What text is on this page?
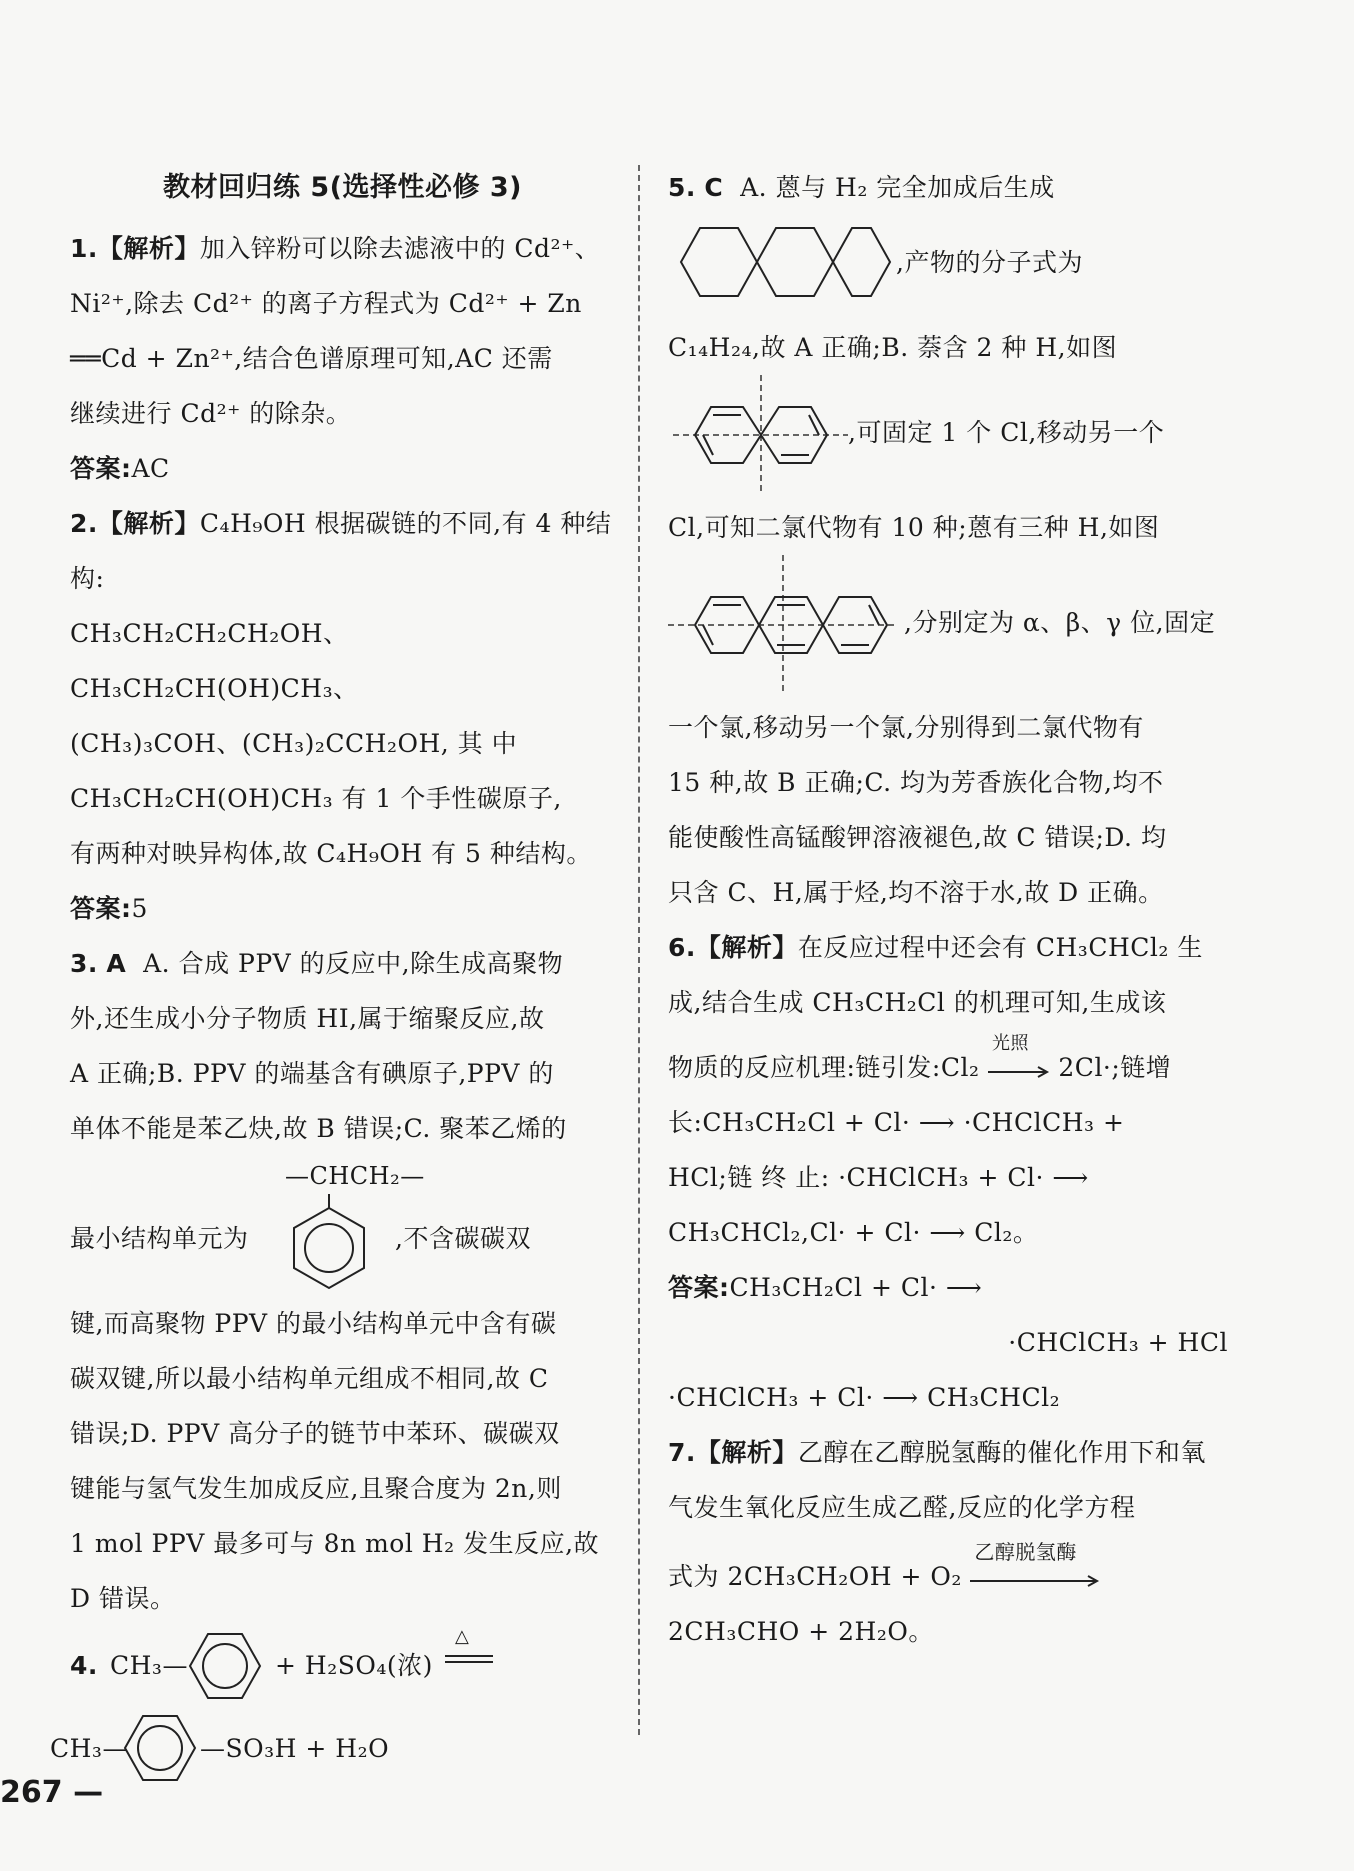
教材回归练 5(选择性必修 3)

1.【解析】加入锌粉可以除去滤液中的 Cd²⁺、

Ni²⁺,除去 Cd²⁺ 的离子方程式为 Cd²⁺ + Zn

══Cd + Zn²⁺,结合色谱原理可知,AC 还需

继续进行 Cd²⁺ 的除杂。

答案:AC

2.【解析】C₄H₉OH 根据碳链的不同,有 4 种结构:

CH₃CH₂CH₂CH₂OH、CH₃CH₂CH(OH)CH₃、

(CH₃)₃COH、(CH₃)₂CCH₂OH, 其 中

CH₃CH₂CH(OH)CH₃ 有 1 个手性碳原子,

有两种对映异构体,故 C₄H₉OH 有 5 种结构。

答案:5

3. A A. 合成 PPV 的反应中,除生成高聚物

外,还生成小分子物质 HI,属于缩聚反应,故

A 正确;B. PPV 的端基含有碘原子,PPV 的

单体不能是苯乙炔,故 B 错误;C. 聚苯乙烯的

—CHCH₂—
最小结构单元为	,不含碳碳双

键,而高聚物 PPV 的最小结构单元中含有碳

碳双键,所以最小结构单元组成不相同,故 C

错误;D. PPV 高分子的链节中苯环、碳碳双

键能与氢气发生加成反应,且聚合度为 2n,则

1 mol PPV 最多可与 8n mol H₂ 发生反应,故

D 错误。

4. CH₃—	+ H₂SO₄(浓)
△
CH₃—	—SO₃H + H₂O

5. C A. 蒽与 H₂ 完全加成后生成

,产物的分子式为

C₁₄H₂₄,故 A 正确;B. 萘含 2 种 H,如图

,可固定 1 个 Cl,移动另一个

Cl,可知二氯代物有 10 种;蒽有三种 H,如图

,分别定为 α、β、γ 位,固定

一个氯,移动另一个氯,分别得到二氯代物有

15 种,故 B 正确;C. 均为芳香族化合物,均不

能使酸性高锰酸钾溶液褪色,故 C 错误;D. 均

只含 C、H,属于烃,均不溶于水,故 D 正确。

6.【解析】在反应过程中还会有 CH₃CHCl₂ 生

成,结合生成 CH₃CH₂Cl 的机理可知,生成该

物质的反应机理:链引发:Cl₂
光照
2Cl·;链增

长:CH₃CH₂Cl + Cl· ⟶ ·CHClCH₃ +

HCl;链 终 止: ·CHClCH₃ + Cl· ⟶

CH₃CHCl₂,Cl· + Cl· ⟶ Cl₂。

答案:CH₃CH₂Cl + Cl· ⟶

·CHClCH₃ + HCl

·CHClCH₃ + Cl· ⟶ CH₃CHCl₂

7.【解析】乙醇在乙醇脱氢酶的催化作用下和氧

气发生氧化反应生成乙醛,反应的化学方程

式为 2CH₃CH₂OH + O₂
乙醇脱氢酶

2CH₃CHO + 2H₂O。

267 —
